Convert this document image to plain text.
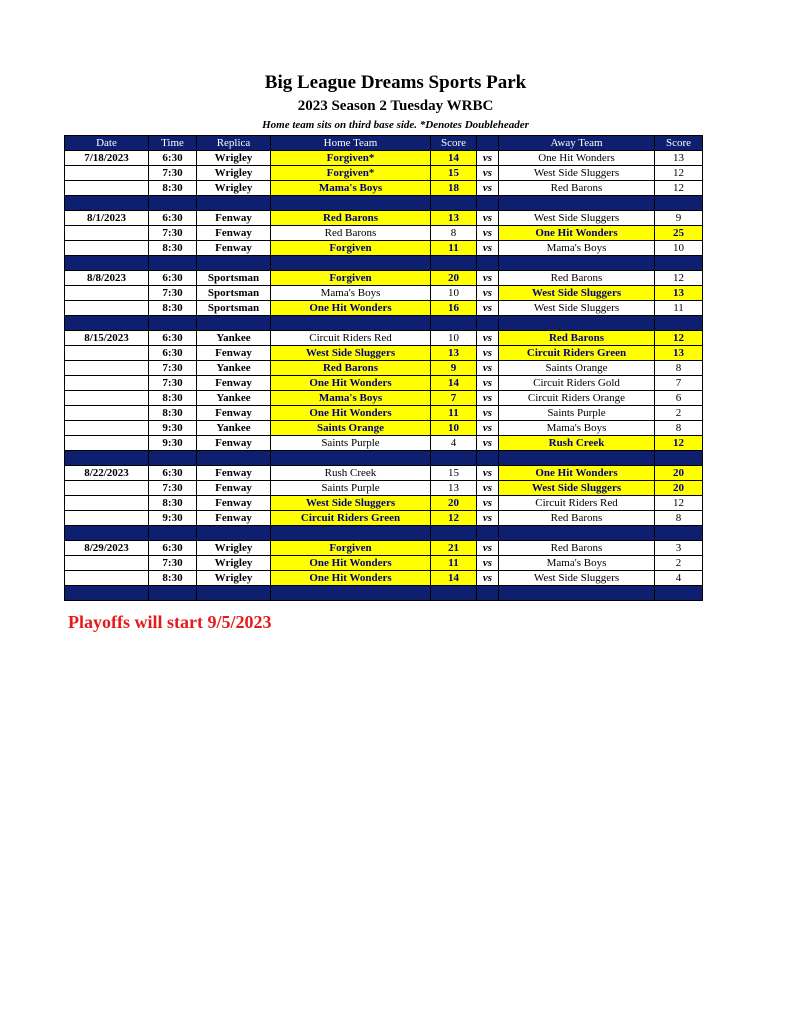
Big League Dreams Sports Park
2023 Season 2 Tuesday WRBC
Home team sits on third base side. *Denotes Doubleheader
Date	Time	Replica	Home Team	Score		Away Team	Score
7/18/2023	6:30	Wrigley	Forgiven*	14	vs	One Hit Wonders	13
	7:30	Wrigley	Forgiven*	15	vs	West Side Sluggers	12
	8:30	Wrigley	Mama's Boys	18	vs	Red Barons	12

8/1/2023	6:30	Fenway	Red Barons	13	vs	West Side Sluggers	9
	7:30	Fenway	Red Barons	8	vs	One Hit Wonders	25
	8:30	Fenway	Forgiven	11	vs	Mama's Boys	10

8/8/2023	6:30	Sportsman	Forgiven	20	vs	Red Barons	12
	7:30	Sportsman	Mama's Boys	10	vs	West Side Sluggers	13
	8:30	Sportsman	One Hit Wonders	16	vs	West Side Sluggers	11

8/15/2023	6:30	Yankee	Circuit Riders Red	10	vs	Red Barons	12
	6:30	Fenway	West Side Sluggers	13	vs	Circuit Riders Green	13
	7:30	Yankee	Red Barons	9	vs	Saints Orange	8
	7:30	Fenway	One Hit Wonders	14	vs	Circuit Riders Gold	7
	8:30	Yankee	Mama's Boys	7	vs	Circuit Riders Orange	6
	8:30	Fenway	One Hit Wonders	11	vs	Saints Purple	2
	9:30	Yankee	Saints Orange	10	vs	Mama's Boys	8
	9:30	Fenway	Saints Purple	4	vs	Rush Creek	12

8/22/2023	6:30	Fenway	Rush Creek	15	vs	One Hit Wonders	20
	7:30	Fenway	Saints Purple	13	vs	West Side Sluggers	20
	8:30	Fenway	West Side Sluggers	20	vs	Circuit Riders Red	12
	9:30	Fenway	Circuit Riders Green	12	vs	Red Barons	8

8/29/2023	6:30	Wrigley	Forgiven	21	vs	Red Barons	3
	7:30	Wrigley	One Hit Wonders	11	vs	Mama's Boys	2
	8:30	Wrigley	One Hit Wonders	14	vs	West Side Sluggers	4

Playoffs will start 9/5/2023
